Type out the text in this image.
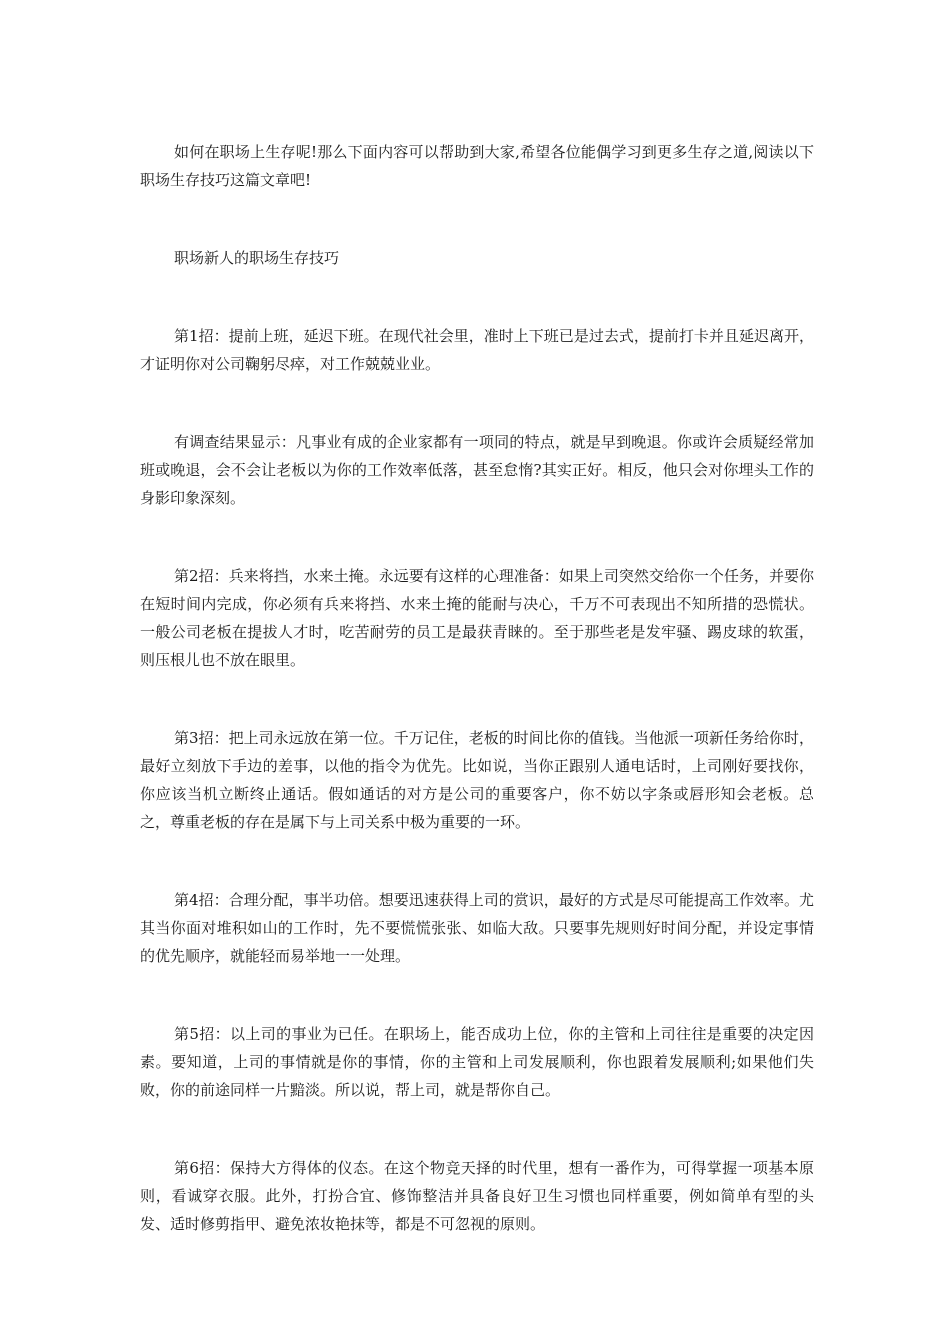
如何在职场上生存呢!那么下面内容可以帮助到大家,希望各位能偶学习到更多生存之道,阅读以下职场生存技巧这篇文章吧!

职场新人的职场生存技巧

第1招：提前上班，延迟下班。在现代社会里，准时上下班已是过去式，提前打卡并且延迟离开，才证明你对公司鞠躬尽瘁，对工作兢兢业业。

有调查结果显示：凡事业有成的企业家都有一项同的特点，就是早到晚退。你或许会质疑经常加班或晚退，会不会让老板以为你的工作效率低落，甚至怠惰?其实正好。相反，他只会对你埋头工作的身影印象深刻。

第2招：兵来将挡，水来土掩。永远要有这样的心理准备：如果上司突然交给你一个任务，并要你在短时间内完成，你必须有兵来将挡、水来土掩的能耐与决心，千万不可表现出不知所措的恐慌状。一般公司老板在提拔人才时，吃苦耐劳的员工是最获青睐的。至于那些老是发牢骚、踢皮球的软蛋，则压根儿也不放在眼里。

第3招：把上司永远放在第一位。千万记住，老板的时间比你的值钱。当他派一项新任务给你时，最好立刻放下手边的差事，以他的指令为优先。比如说，当你正跟别人通电话时，上司刚好要找你，你应该当机立断终止通话。假如通话的对方是公司的重要客户，你不妨以字条或唇形知会老板。总之，尊重老板的存在是属下与上司关系中极为重要的一环。

第4招：合理分配，事半功倍。想要迅速获得上司的赏识，最好的方式是尽可能提高工作效率。尤其当你面对堆积如山的工作时，先不要慌慌张张、如临大敌。只要事先规则好时间分配，并设定事情的优先顺序，就能轻而易举地一一处理。

第5招：以上司的事业为已任。在职场上，能否成功上位，你的主管和上司往往是重要的决定因素。要知道，上司的事情就是你的事情，你的主管和上司发展顺利，你也跟着发展顺利;如果他们失败，你的前途同样一片黯淡。所以说，帮上司，就是帮你自己。

第6招：保持大方得体的仪态。在这个物竞天择的时代里，想有一番作为，可得掌握一项基本原则，看诚穿衣服。此外，打扮合宜、修饰整洁并具备良好卫生习惯也同样重要，例如简单有型的头发、适时修剪指甲、避免浓妆艳抹等，都是不可忽视的原则。
